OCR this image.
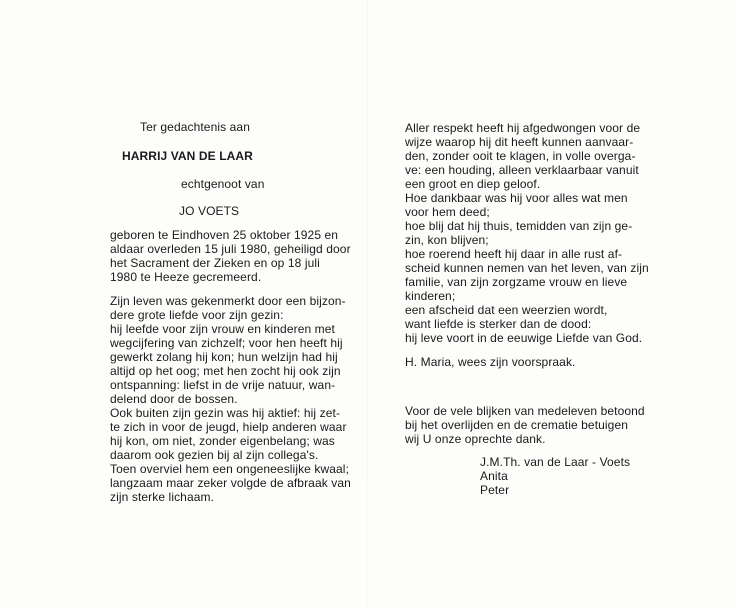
Ter gedachtenis aan
HARRIJ VAN DE LAAR
echtgenoot van
JO VOETS
geboren te Eindhoven 25 oktober 1925 en
aldaar overleden 15 juli 1980, geheiligd door
het Sacrament der Zieken en op 18 juli
1980 te Heeze gecremeerd.
Zijn leven was gekenmerkt door een bijzon-
dere grote liefde voor zijn gezin:
hij leefde voor zijn vrouw en kinderen met
wegcijfering van zichzelf; voor hen heeft hij
gewerkt zolang hij kon; hun welzijn had hij
altijd op het oog; met hen zocht hij ook zijn
ontspanning: liefst in de vrije natuur, wan-
delend door de bossen.
Ook buiten zijn gezin was hij aktief: hij zet-
te zich in voor de jeugd, hielp anderen waar
hij kon, om niet, zonder eigenbelang; was
daarom ook gezien bij al zijn collega's.
Toen overviel hem een ongeneeslijke kwaal;
langzaam maar zeker volgde de afbraak van
zijn sterke lichaam.
Aller respekt heeft hij afgedwongen voor de
wijze waarop hij dit heeft kunnen aanvaar-
den, zonder ooit te klagen, in volle overga-
ve: een houding, alleen verklaarbaar vanuit
een groot en diep geloof.
Hoe dankbaar was hij voor alles wat men
voor hem deed;
hoe blij dat hij thuis, temidden van zijn ge-
zin, kon blijven;
hoe roerend heeft hij daar in alle rust af-
scheid kunnen nemen van het leven, van zijn
familie, van zijn zorgzame vrouw en lieve
kinderen;
een afscheid dat een weerzien wordt,
want liefde is sterker dan de dood:
hij leve voort in de eeuwige Liefde van God.
H. Maria, wees zijn voorspraak.
Voor de vele blijken van medeleven betoond
bij het overlijden en de crematie betuigen
wij U onze oprechte dank.
J.M.Th. van de Laar - Voets
Anita
Peter
